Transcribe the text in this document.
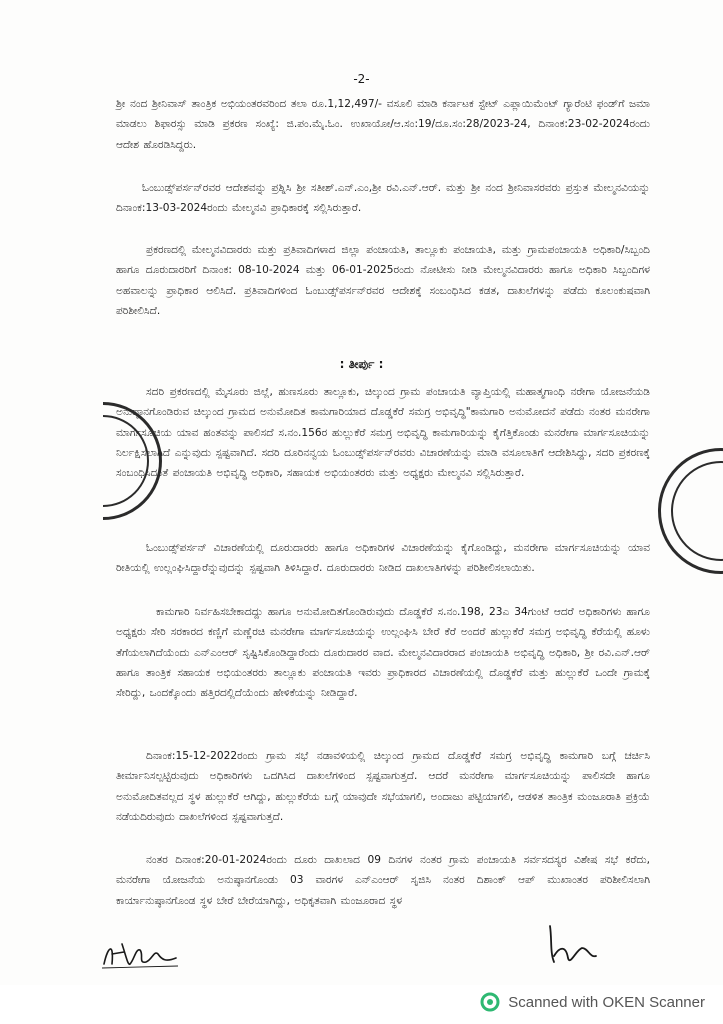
-2-
ಶ್ರೀ ನಂದ ಶ್ರೀನಿವಾಸ್ ತಾಂತ್ರಿಕ ಅಭಿಯಂತರವರಿಂದ ತಲಾ ರೂ.1,12,497/- ವಸೂಲಿ ಮಾಡಿ ಕರ್ನಾಟಕ ಸ್ಟೇಟ್ ಎಪ್ಲಾಯಿಮೆಂಟ್ ಗ್ಯಾರೆಂಟಿ ಫಂಡ್‌ಗೆ ಜಮಾ ಮಾಡಲು ಶಿಫಾರಸ್ಸು ಮಾಡಿ ಪ್ರಕರಣ ಸಂಖ್ಯೆ: ಜಿ.ಪಂ.ಮೈ.ಓಂ. ಉಖಾಯೋ/ಆ.ಸಂ:19/ದೂ.ಸಂ:28/2023-24, ದಿನಾಂಕ:23-02-2024ರಂದು ಆದೇಶ ಹೊರಡಿಸಿದ್ದರು.
ಓಂಬುಡ್ಸ್‌ಪರ್ಸನ್‌ರವರ ಆದೇಶವನ್ನು ಪ್ರಶ್ನಿಸಿ ಶ್ರೀ ಸತೀಶ್.ಎನ್.ಎಂ,ಶ್ರೀ ರವಿ.ಎನ್.ಆರ್. ಮತ್ತು ಶ್ರೀ ನಂದ ಶ್ರೀನಿವಾಸರವರು ಪ್ರಸ್ತುತ ಮೇಲ್ಮನವಿಯನ್ನು ದಿನಾಂಕ:13-03-2024ರಂದು ಮೇಲ್ಮನವಿ ಪ್ರಾಧಿಕಾರಕ್ಕೆ ಸಲ್ಲಿಸಿರುತ್ತಾರೆ.
ಪ್ರಕರಣದಲ್ಲಿ ಮೇಲ್ಮನವಿದಾರರು ಮತ್ತು ಪ್ರತಿವಾದಿಗಳಾದ ಜಿಲ್ಲಾ ಪಂಚಾಯತಿ, ತಾಲ್ಲೂಕು ಪಂಚಾಯತಿ, ಮತ್ತು ಗ್ರಾಮಪಂಚಾಯತಿ ಅಧಿಕಾರಿ/ಸಿಬ್ಬಂದಿ ಹಾಗೂ ದೂರುದಾರರಿಗೆ ದಿನಾಂಕ: 08-10-2024 ಮತ್ತು 06-01-2025ರಂದು ನೋಟೀಸು ನೀಡಿ ಮೇಲ್ಮನವಿದಾರರು ಹಾಗೂ ಅಧಿಕಾರಿ ಸಿಬ್ಬಂದಿಗಳ ಅಹವಾಲನ್ನು ಪ್ರಾಧಿಕಾರ ಆಲಿಸಿದೆ. ಪ್ರತಿವಾದಿಗಳಿಂದ ಓಂಬುಡ್ಸ್‌ಪರ್ಸನ್‌ರವರ ಆದೇಶಕ್ಕೆ ಸಂಬಂಧಿಸಿದ ಕಡತ, ದಾಖಲೆಗಳನ್ನು ಪಡೆದು ಕೂಲಂಕುಷವಾಗಿ ಪರಿಶೀಲಿಸಿದೆ.
: ತೀರ್ಪು :
ಸದರಿ ಪ್ರಕರಣದಲ್ಲಿ ಮೈಸೂರು ಜಿಲ್ಲೆ, ಹುಣಸೂರು ತಾಲ್ಲೂಕು, ಚಿಲ್ಕುಂದ ಗ್ರಾಮ ಪಂಚಾಯತಿ ವ್ಯಾಪ್ತಿಯಲ್ಲಿ ಮಹಾತ್ಮಗಾಂಧಿ ನರೇಗಾ ಯೋಜನೆಯಡಿ ಅನುಷ್ಠಾನಗೊಂಡಿರುವ ಚಿಲ್ಕುಂದ ಗ್ರಾಮದ ಅನುಮೋದಿತ ಕಾಮಗಾರಿಯಾದ ದೊಡ್ಡಕೆರೆ ಸಮಗ್ರ ಅಭಿವೃದ್ಧಿ"ಕಾಮಗಾರಿ ಅನುಮೋದನೆ ಪಡೆದು ನಂತರ ಮನರೇಗಾ ಮಾರ್ಗಸೂಚಿಯ ಯಾವ ಹಂತವನ್ನು ಪಾಲಿಸದೆ ಸ.ನಂ.156ರ ಹುಲ್ಲುಕೆರೆ ಸಮಗ್ರ ಅಭಿವೃದ್ಧಿ ಕಾಮಗಾರಿಯನ್ನು ಕೈಗೆತ್ತಿಕೊಂಡು ಮನರೇಗಾ ಮಾರ್ಗಸೂಚಿಯನ್ನು ನಿರ್ಲಕ್ಷಿಸಲಾಗಿದೆ ಎನ್ನುವುದು ಸ್ಪಷ್ಟವಾಗಿದೆ. ಸದರಿ ದೂರಿನನ್ವಯ ಓಂಬುಡ್ಸ್‌ಪರ್ಸನ್‌ರವರು ವಿಚಾರಣೆಯನ್ನು ಮಾಡಿ ವಸೂಲಾತಿಗೆ ಆದೇಶಿಸಿದ್ದು, ಸದರಿ ಪ್ರಕರಣಕ್ಕೆ ಸಂಬಂಧಿಸಿದಂತೆ ಪಂಚಾಯತಿ ಅಭಿವೃದ್ಧಿ ಅಧಿಕಾರಿ, ಸಹಾಯಕ ಅಭಿಯಂತರರು ಮತ್ತು ಅಧ್ಯಕ್ಷರು ಮೇಲ್ಮನವಿ ಸಲ್ಲಿಸಿರುತ್ತಾರೆ.
ಓಂಬುಡ್ಸ್‌ಪರ್ಸನ್ ವಿಚಾರಣೆಯಲ್ಲಿ ದೂರುದಾರರು ಹಾಗೂ ಅಧಿಕಾರಿಗಳ ವಿಚಾರಣೆಯನ್ನು ಕೈಗೊಂಡಿದ್ದು, ಮನರೇಗಾ ಮಾರ್ಗಸೂಚಿಯನ್ನು ಯಾವ ರೀತಿಯಲ್ಲಿ ಉಲ್ಲಂಘಿಸಿದ್ದಾರೆನ್ನುವುದನ್ನು ಸ್ಪಷ್ಟವಾಗಿ ತಿಳಿಸಿದ್ದಾರೆ. ದೂರುದಾರರು ನೀಡಿದ ದಾಖಲಾತಿಗಳನ್ನು ಪರಿಶೀಲಿಸಲಾಯಿತು.
ಕಾಮಗಾರಿ ನಿರ್ವಹಿಸಬೇಕಾದದ್ದು ಹಾಗೂ ಅನುಮೋದಿತಗೊಂಡಿರುವುದು ದೊಡ್ಡಕೆರೆ ಸ.ನಂ.198, 23ಎ 34ಗುಂಟೆ ಆದರೆ ಅಧಿಕಾರಿಗಳು ಹಾಗೂ ಅಧ್ಯಕ್ಷರು ಸೇರಿ ಸರಕಾರದ ಕಣ್ಣಿಗೆ ಮಣ್ಣೆರಚಿ ಮನರೇಗಾ ಮಾರ್ಗಸೂಚಿಯನ್ನು ಉಲ್ಲಂಘಿಸಿ ಬೇರೆ ಕೆರೆ ಅಂದರೆ ಹುಲ್ಲುಕೆರೆ ಸಮಗ್ರ ಅಭಿವೃದ್ಧಿ ಕೆರೆಯಲ್ಲಿ ಹೂಳು ತೆಗೆಯಲಾಗಿದೆಯೆಂದು ಎನ್‌ಎಂಆರ್ ಸೃಷ್ಟಿಸಿಕೊಂಡಿದ್ದಾರೆಂದು ದೂರುದಾರರ ವಾದ. ಮೇಲ್ಮನವಿದಾರರಾದ ಪಂಚಾಯತಿ ಅಭಿವೃದ್ಧಿ ಅಧಿಕಾರಿ, ಶ್ರೀ ರವಿ.ಎನ್.ಆರ್ ಹಾಗೂ ತಾಂತ್ರಿಕ ಸಹಾಯಕ ಅಭಿಯಂತರರು ತಾಲ್ಲೂಕು ಪಂಚಾಯತಿ ಇವರು ಪ್ರಾಧಿಕಾರದ ವಿಚಾರಣೆಯಲ್ಲಿ ದೊಡ್ಡಕೆರೆ ಮತ್ತು ಹುಲ್ಲುಕೆರೆ ಒಂದೇ ಗ್ರಾಮಕ್ಕೆ ಸೇರಿದ್ದು, ಒಂದಕ್ಕೊಂದು ಹತ್ತಿರದಲ್ಲಿದೆಯೆಂದು ಹೇಳಿಕೆಯನ್ನು ನೀಡಿದ್ದಾರೆ.
ದಿನಾಂಕ:15-12-2022ರಂದು ಗ್ರಾಮ ಸಭೆ ನಡಾವಳಿಯಲ್ಲಿ ಚಿಲ್ಕುಂದ ಗ್ರಾಮದ ದೊಡ್ಡಕೆರೆ ಸಮಗ್ರ ಅಭಿವೃದ್ಧಿ ಕಾಮಗಾರಿ ಬಗ್ಗೆ ಚರ್ಚಿಸಿ ತೀರ್ಮಾನಿಸಲ್ಪಟ್ಟಿರುವುದು ಅಧಿಕಾರಿಗಳು ಒದಗಿಸಿದ ದಾಖಲೆಗಳಿಂದ ಸ್ಪಷ್ಟವಾಗುತ್ತದೆ. ಆದರೆ ಮನರೇಗಾ ಮಾರ್ಗಸೂಚಿಯನ್ನು ಪಾಲಿಸದೇ ಹಾಗೂ ಅನುಮೋದಿತವಲ್ಲದ ಸ್ಥಳ ಹುಲ್ಲುಕೆರೆ ಆಗಿದ್ದು, ಹುಲ್ಲುಕೆರೆಯ ಬಗ್ಗೆ ಯಾವುದೇ ಸಭೆಯಾಗಲಿ, ಅಂದಾಜು ಪಟ್ಟಿಯಾಗಲಿ, ಆಡಳಿತ ತಾಂತ್ರಿಕ ಮಂಜೂರಾತಿ ಪ್ರಕ್ರಿಯೆ ನಡೆಯದಿರುವುದು ದಾಖಲೆಗಳಿಂದ ಸ್ಪಷ್ಟವಾಗುತ್ತದೆ.
ನಂತರ ದಿನಾಂಕ:20-01-2024ರಂದು ದೂರು ದಾಖಲಾದ 09 ದಿನಗಳ ನಂತರ ಗ್ರಾಮ ಪಂಚಾಯತಿ ಸರ್ವಸದಸ್ಯರ ವಿಶೇಷ ಸಭೆ ಕರೆದು, ಮನರೇಗಾ ಯೋಜನೆಯ ಅನುಷ್ಠಾನಗೊಂಡು 03 ವಾರಗಳ ಎನ್‌ಎಂಆರ್ ಸೃಜಿಸಿ ನಂತರ ದಿಶಾಂಕ್ ಆಪ್ ಮುಖಾಂತರ ಪರಿಶೀಲಿಸಲಾಗಿ ಕಾರ್ಯಾನುಷ್ಠಾನಗೊಂಡ ಸ್ಥಳ ಬೇರೆ ಬೇರೆಯಾಗಿದ್ದು, ಅಧಿಕೃತವಾಗಿ ಮಂಜೂರಾದ ಸ್ಥಳ
Scanned with OKEN Scanner
